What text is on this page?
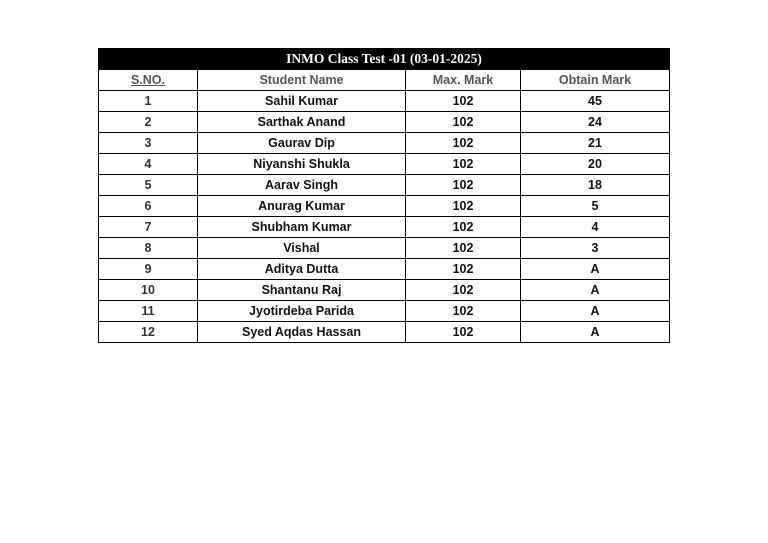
INMO Class Test -01 (03-01-2025)			
S.NO.	Student Name	Max. Mark	Obtain Mark
1	Sahil Kumar	102	45
2	Sarthak Anand	102	24
3	Gaurav Dip	102	21
4	Niyanshi Shukla	102	20
5	Aarav Singh	102	18
6	Anurag Kumar	102	5
7	Shubham Kumar	102	4
8	Vishal	102	3
9	Aditya Dutta	102	A
10	Shantanu Raj	102	A
11	Jyotirdeba Parida	102	A
12	Syed Aqdas Hassan	102	A
